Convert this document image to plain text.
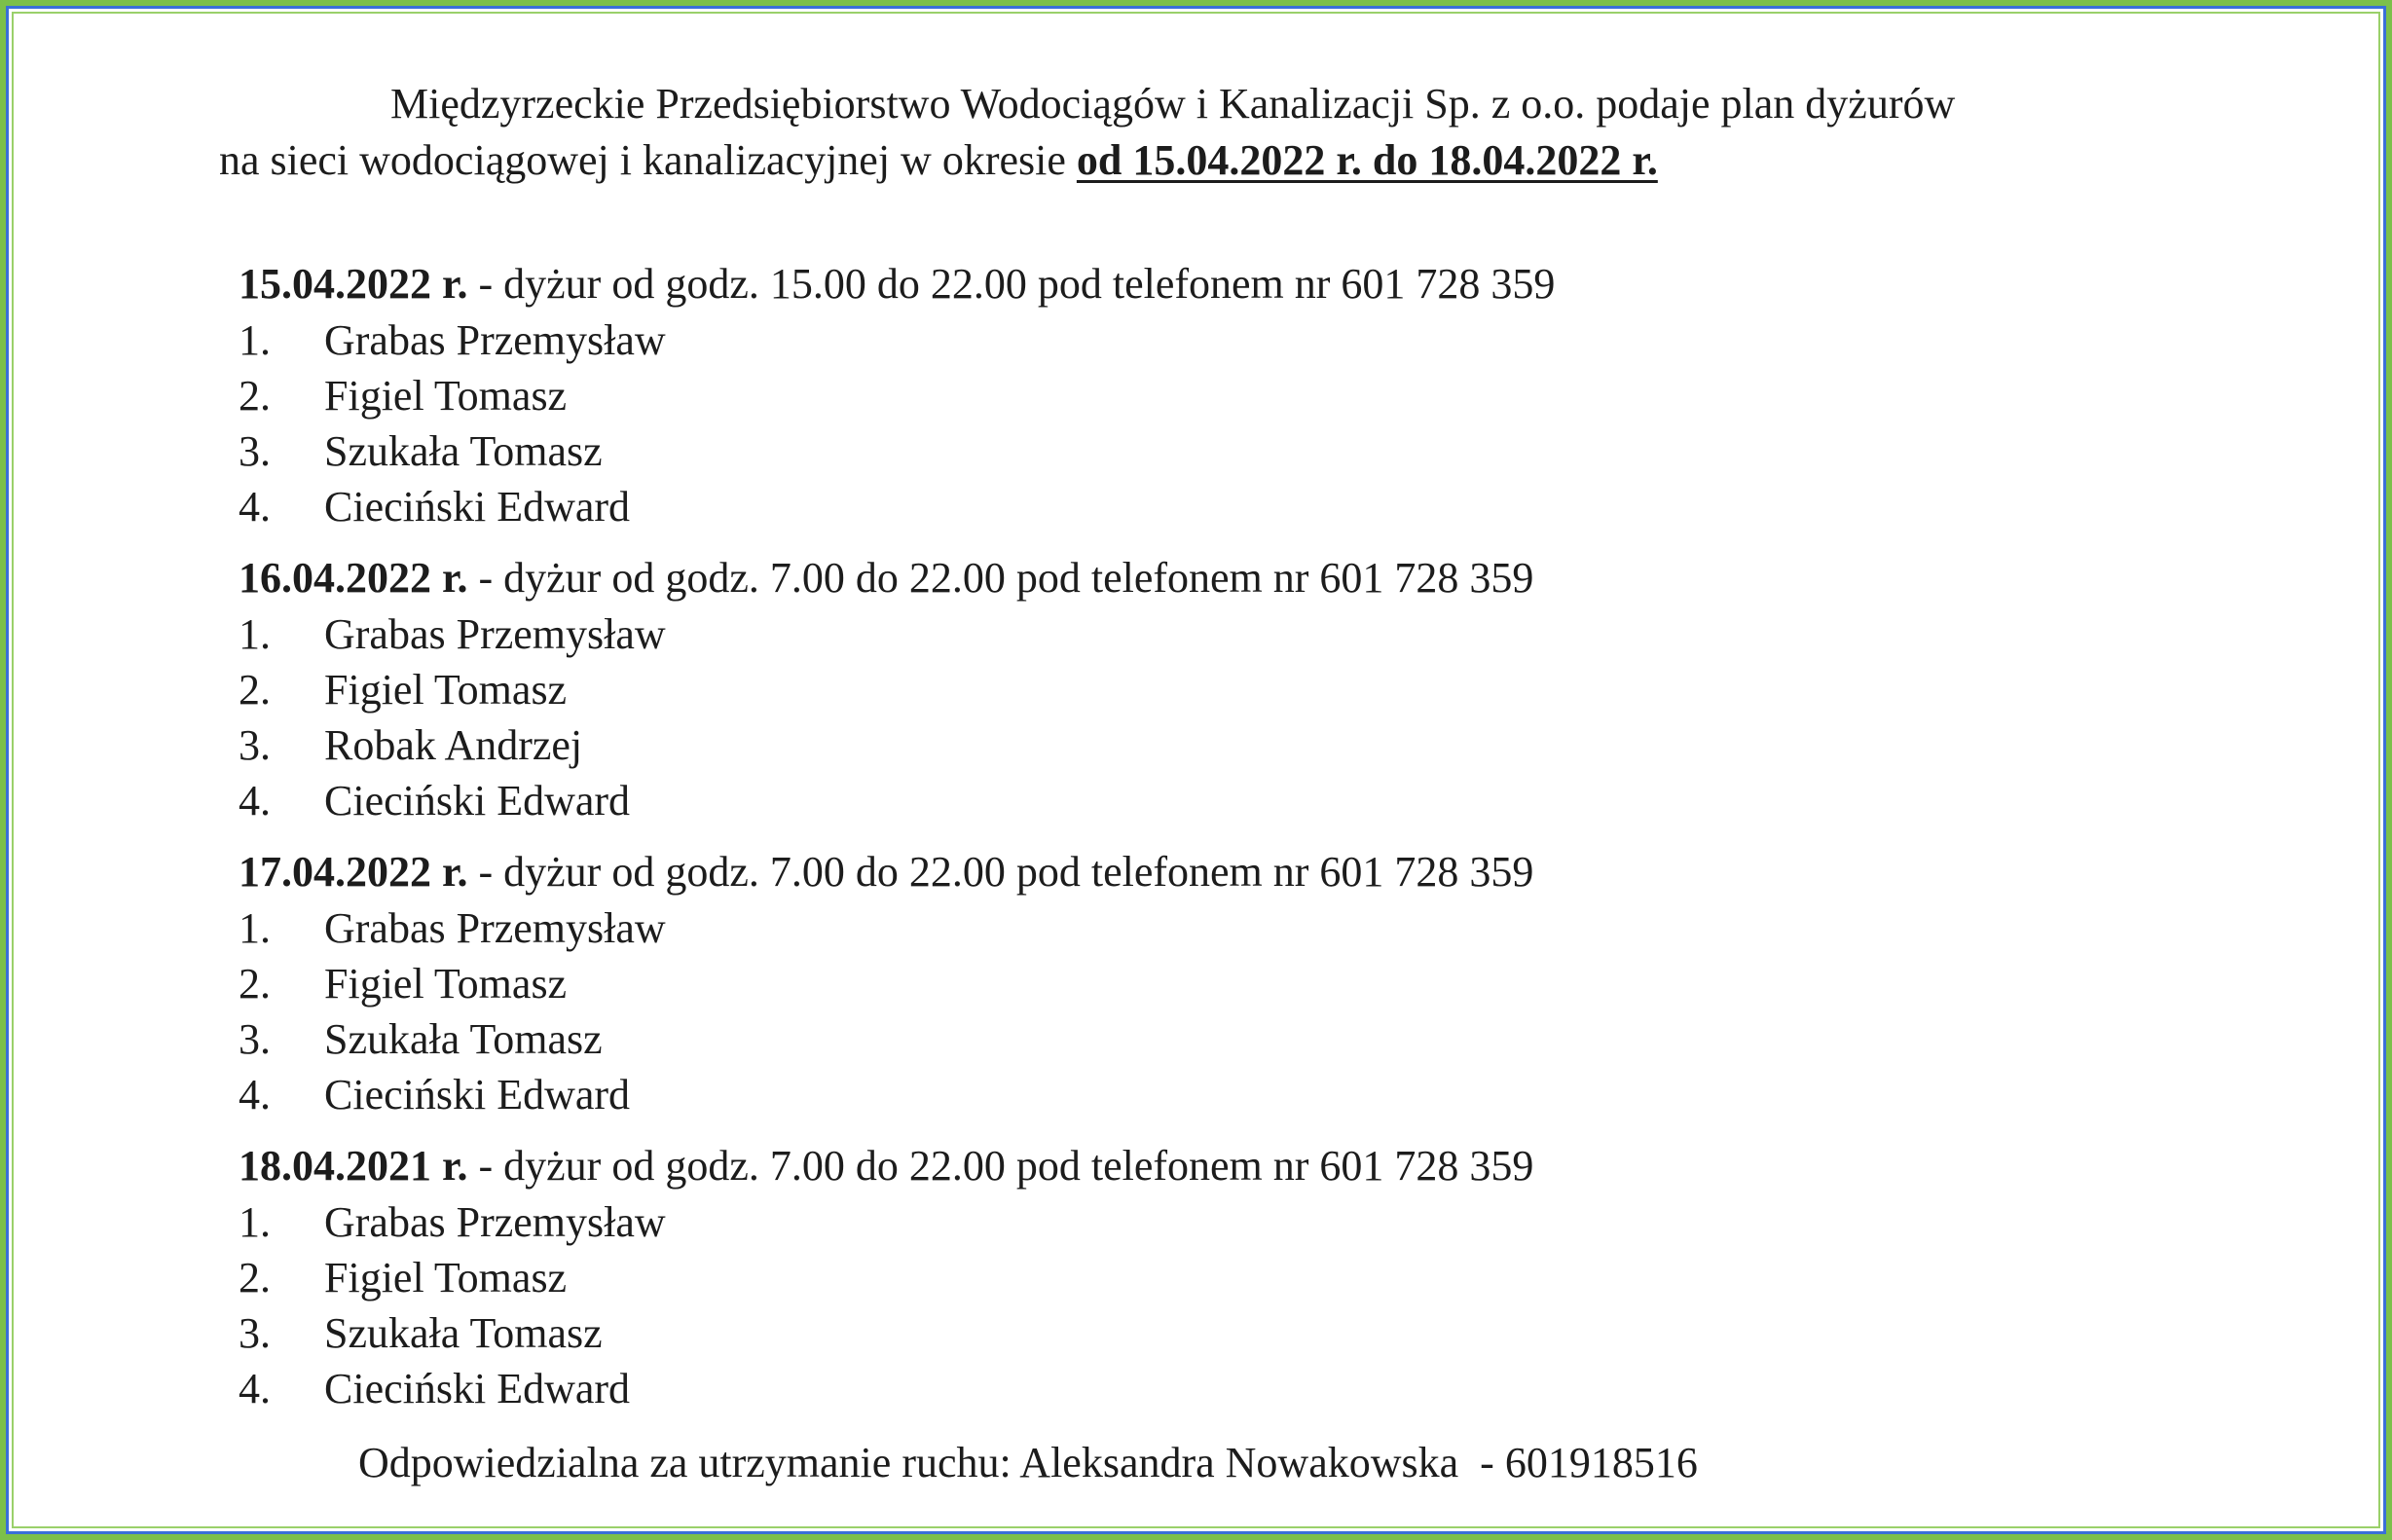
Międzyrzeckie Przedsiębiorstwo Wodociągów i Kanalizacji Sp. z o.o. podaje plan dyżurów
na sieci wodociągowej i kanalizacyjnej w okresie od 15.04.2022 r. do 18.04.2022 r.
15.04.2022 r. - dyżur od godz. 15.00 do 22.00 pod telefonem nr 601 728 359
1.	Grabas Przemysław
2.	Figiel Tomasz
3.	Szukała Tomasz
4.	Cieciński Edward
16.04.2022 r. - dyżur od godz. 7.00 do 22.00 pod telefonem nr 601 728 359
1.	Grabas Przemysław
2.	Figiel Tomasz
3.	Robak Andrzej
4.	Cieciński Edward
17.04.2022 r. - dyżur od godz. 7.00 do 22.00 pod telefonem nr 601 728 359
1.	Grabas Przemysław
2.	Figiel Tomasz
3.	Szukała Tomasz
4.	Cieciński Edward
18.04.2021 r. - dyżur od godz. 7.00 do 22.00 pod telefonem nr 601 728 359
1.	Grabas Przemysław
2.	Figiel Tomasz
3.	Szukała Tomasz
4.	Cieciński Edward
Odpowiedzialna za utrzymanie ruchu: Aleksandra Nowakowska  - 601918516
